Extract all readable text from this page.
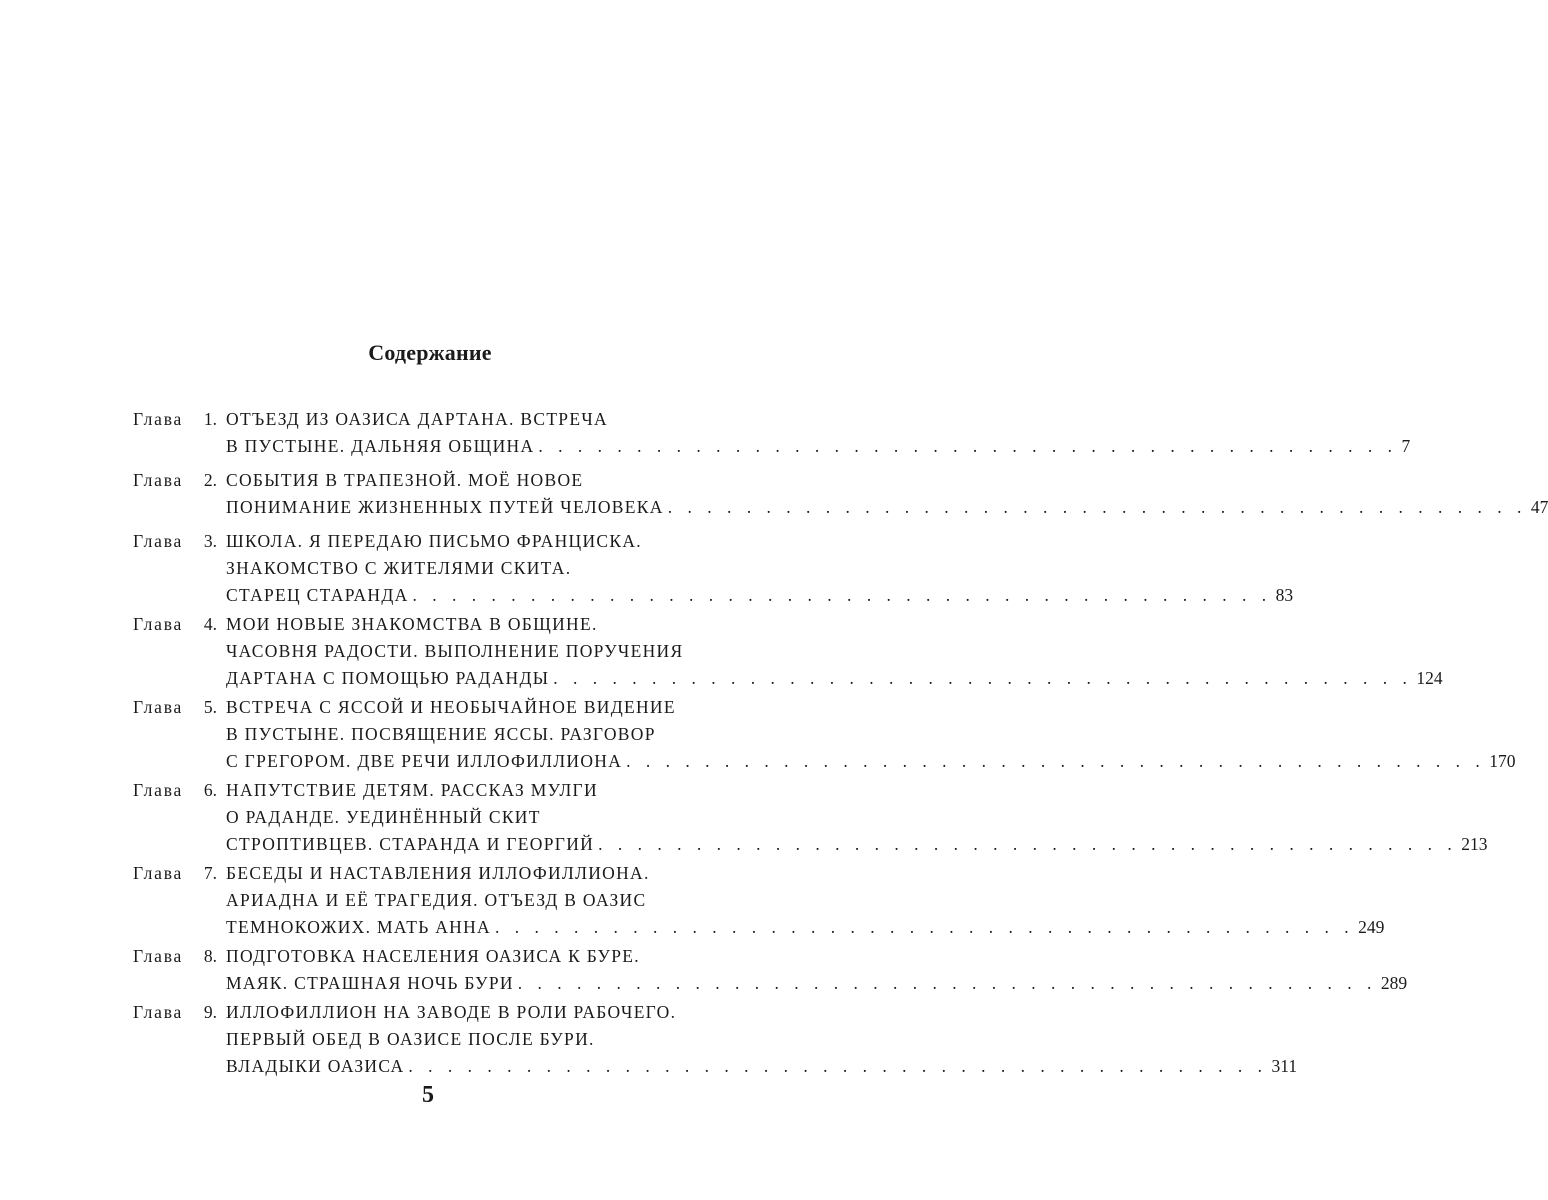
Содержание
Глава	1. ОТЪЕЗД ИЗ ОАЗИСА ДАРТАНА. ВСТРЕЧА
В ПУСТЫНЕ. ДАЛЬНЯЯ ОБЩИНА . . . . . . . . . . . . . . . . . . . . . . . . . . . . . . . . . . . . . . . . . . . . 7
Глава	2. СОБЫТИЯ В ТРАПЕЗНОЙ. МОЁ НОВОЕ
ПОНИМАНИЕ ЖИЗНЕННЫХ ПУТЕЙ ЧЕЛОВЕКА . . . . . . . . . . . . . . . . . . . . . . . . . . . . . . . . . . . . . . . . . . . . 47
Глава	3. ШКОЛА. Я ПЕРЕДАЮ ПИСЬМО ФРАНЦИСКА.
ЗНАКОМСТВО С ЖИТЕЛЯМИ СКИТА.
СТАРЕЦ СТАРАНДА . . . . . . . . . . . . . . . . . . . . . . . . . . . . . . . . . . . . . . . . . . . . 83
Глава	4. МОИ НОВЫЕ ЗНАКОМСТВА В ОБЩИНЕ.
ЧАСОВНЯ РАДОСТИ. ВЫПОЛНЕНИЕ ПОРУЧЕНИЯ
ДАРТАНА С ПОМОЩЬЮ РАДАНДЫ . . . . . . . . . . . . . . . . . . . . . . . . . . . . . . . . . . . . . . . . . . . . 124
Глава	5. ВСТРЕЧА С ЯССОЙ И НЕОБЫЧАЙНОЕ ВИДЕНИЕ
В ПУСТЫНЕ. ПОСВЯЩЕНИЕ ЯССЫ. РАЗГОВОР
С ГРЕГОРОМ. ДВЕ РЕЧИ ИЛЛОФИЛЛИОНА . . . . . . . . . . . . . . . . . . . . . . . . . . . . . . . . . . . . . . . . . . . . 170
Глава	6. НАПУТСТВИЕ ДЕТЯМ. РАССКАЗ МУЛГИ
О РАДАНДЕ. УЕДИНЁННЫЙ СКИТ
СТРОПТИВЦЕВ. СТАРАНДА И ГЕОРГИЙ . . . . . . . . . . . . . . . . . . . . . . . . . . . . . . . . . . . . . . . . . . . . 213
Глава	7. БЕСЕДЫ И НАСТАВЛЕНИЯ ИЛЛОФИЛЛИОНА.
АРИАДНА И ЕЁ ТРАГЕДИЯ. ОТЪЕЗД В ОАЗИС
ТЕМНОКОЖИХ. МАТЬ АННА . . . . . . . . . . . . . . . . . . . . . . . . . . . . . . . . . . . . . . . . . . . . 249
Глава	8. ПОДГОТОВКА НАСЕЛЕНИЯ ОАЗИСА К БУРЕ.
МАЯК. СТРАШНАЯ НОЧЬ БУРИ . . . . . . . . . . . . . . . . . . . . . . . . . . . . . . . . . . . . . . . . . . . . 289
Глава	9. ИЛЛОФИЛЛИОН НА ЗАВОДЕ В РОЛИ РАБОЧЕГО.
ПЕРВЫЙ ОБЕД В ОАЗИСЕ ПОСЛЕ БУРИ.
ВЛАДЫКИ ОАЗИСА . . . . . . . . . . . . . . . . . . . . . . . . . . . . . . . . . . . . . . . . . . . . 311
5
